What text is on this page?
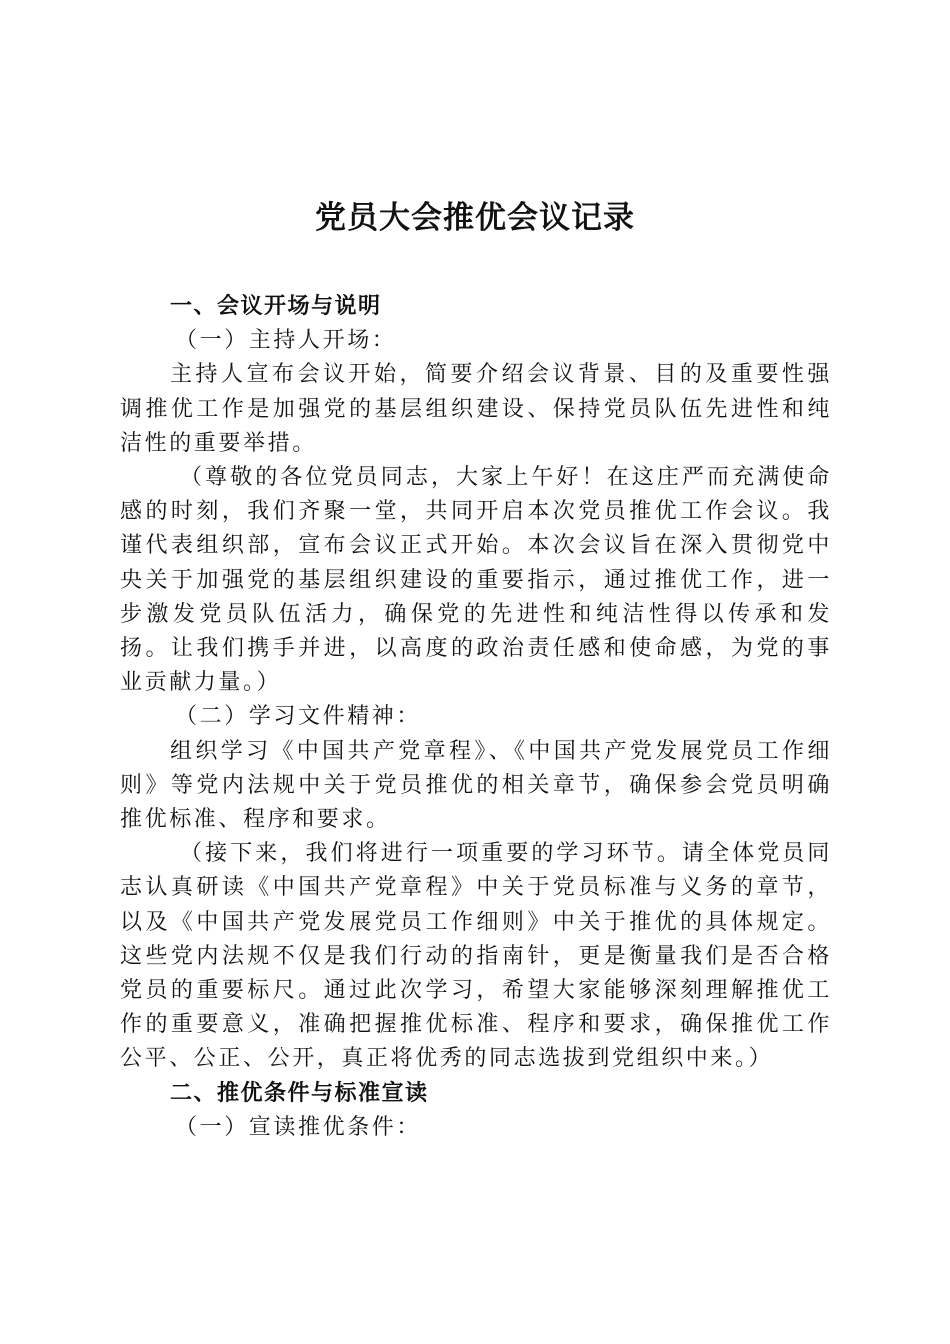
党员大会推优会议记录

一、会议开场与说明

（一）主持人开场：

主持人宣布会议开始，简要介绍会议背景、目的及重要性强调推优工作是加强党的基层组织建设、保持党员队伍先进性和纯洁性的重要举措。

（尊敬的各位党员同志，大家上午好！在这庄严而充满使命感的时刻，我们齐聚一堂，共同开启本次党员推优工作会议。我谨代表组织部，宣布会议正式开始。本次会议旨在深入贯彻党中央关于加强党的基层组织建设的重要指示，通过推优工作，进一步激发党员队伍活力，确保党的先进性和纯洁性得以传承和发扬。让我们携手并进，以高度的政治责任感和使命感，为党的事业贡献力量。）

（二）学习文件精神：

组织学习《中国共产党章程》、《中国共产党发展党员工作细则》等党内法规中关于党员推优的相关章节，确保参会党员明确推优标准、程序和要求。

（接下来，我们将进行一项重要的学习环节。请全体党员同志认真研读《中国共产党章程》中关于党员标准与义务的章节，以及《中国共产党发展党员工作细则》中关于推优的具体规定。这些党内法规不仅是我们行动的指南针，更是衡量我们是否合格党员的重要标尺。通过此次学习，希望大家能够深刻理解推优工作的重要意义，准确把握推优标准、程序和要求，确保推优工作公平、公正、公开，真正将优秀的同志选拔到党组织中来。）

二、推优条件与标准宣读

（一）宣读推优条件：
